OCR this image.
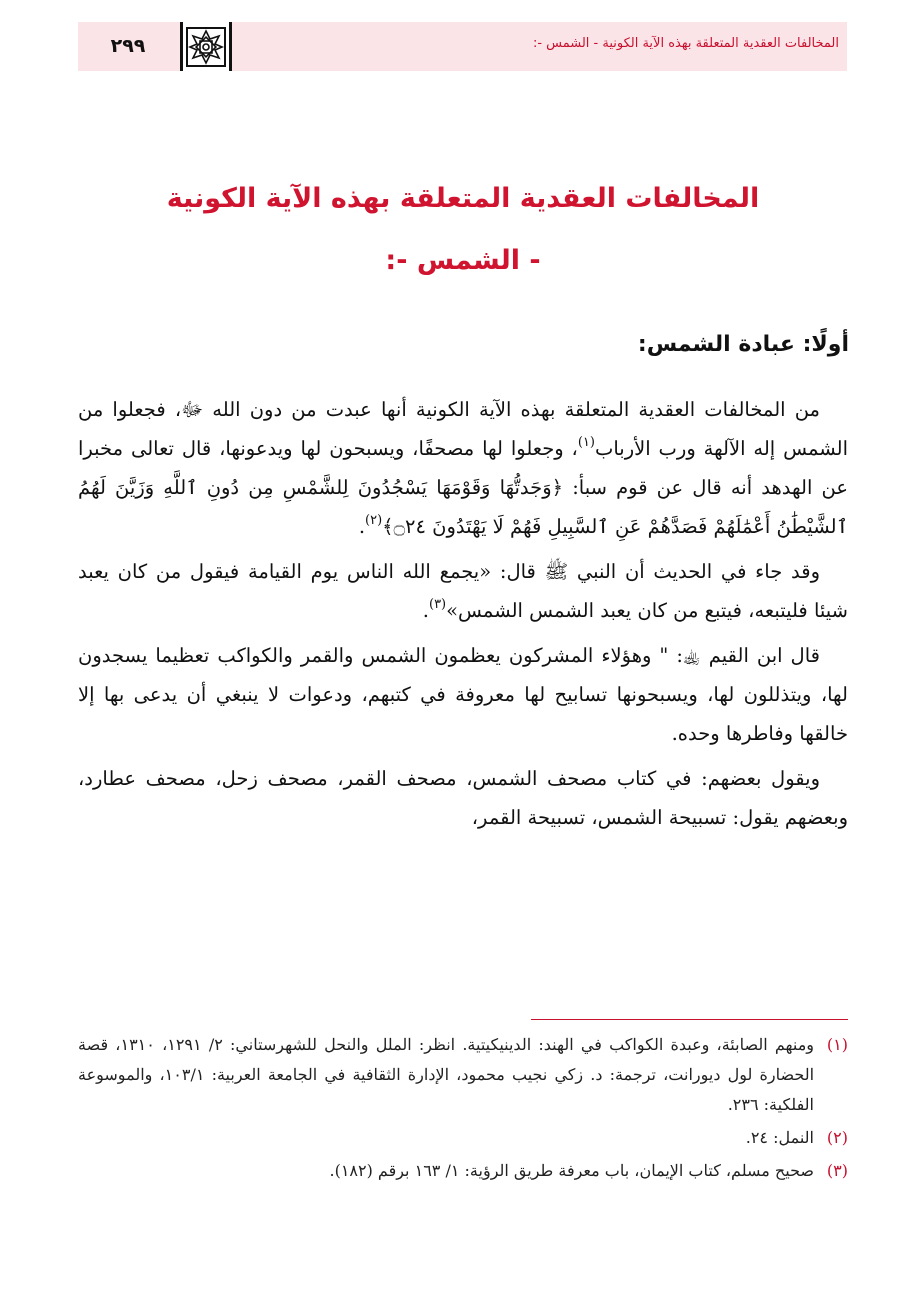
المخالفات العقدية المتعلقة بهذه الآية الكونية - الشمس -:
٢٩٩
المخالفات العقدية المتعلقة بهذه الآية الكونية
- الشمس -:
أولًا: عبادة الشمس:

من المخالفات العقدية المتعلقة بهذه الآية الكونية أنها عبدت من دون الله ﷻ، فجعلوا من الشمس إله الآلهة ورب الأرباب$^{(١)}$، وجعلوا لها مصحفًا، ويسبحون لها ويدعونها، قال تعالى مخبرا عن الهدهد أنه قال عن قوم سبأ: ﴿وَجَدتُّهَا وَقَوْمَهَا يَسْجُدُونَ لِلشَّمْسِ مِن دُونِ ٱللَّهِ وَزَيَّنَ لَهُمُ ٱلشَّيْطَٰنُ أَعْمَٰلَهُمْ فَصَدَّهُمْ عَنِ ٱلسَّبِيلِ فَهُمْ لَا يَهْتَدُونَ ۝٢٤﴾$^{(٢)}$.

وقد جاء في الحديث أن النبي ﷺ قال: «يجمع الله الناس يوم القيامة فيقول من كان يعبد شيئا فليتبعه، فيتبع من كان يعبد الشمس الشمس»$^{(٣)}$.

قال ابن القيم ﵀: " وهؤلاء المشركون يعظمون الشمس والقمر والكواكب تعظيما يسجدون لها، ويتذللون لها، ويسبحونها تسابيح لها معروفة في كتبهم، ودعوات لا ينبغي أن يدعى بها إلا خالقها وفاطرها وحده.

ويقول بعضهم: في كتاب مصحف الشمس، مصحف القمر، مصحف زحل، مصحف عطارد، وبعضهم يقول: تسبيحة الشمس، تسبيحة القمر،

(١)
ومنهم الصابئة، وعبدة الكواكب في الهند: الدينيكيتية. انظر: الملل والنحل للشهرستاني: ٢/ ١٢٩١، ١٣١٠، قصة الحضارة لول ديورانت، ترجمة: د. زكي نجيب محمود، الإدارة الثقافية في الجامعة العربية: ١٠٣/١، والموسوعة الفلكية: ٢٣٦.

(٢)
النمل: ٢٤.

(٣)
صحيح مسلم، كتاب الإيمان، باب معرفة طريق الرؤية: ١/ ١٦٣ برقم (١٨٢).
